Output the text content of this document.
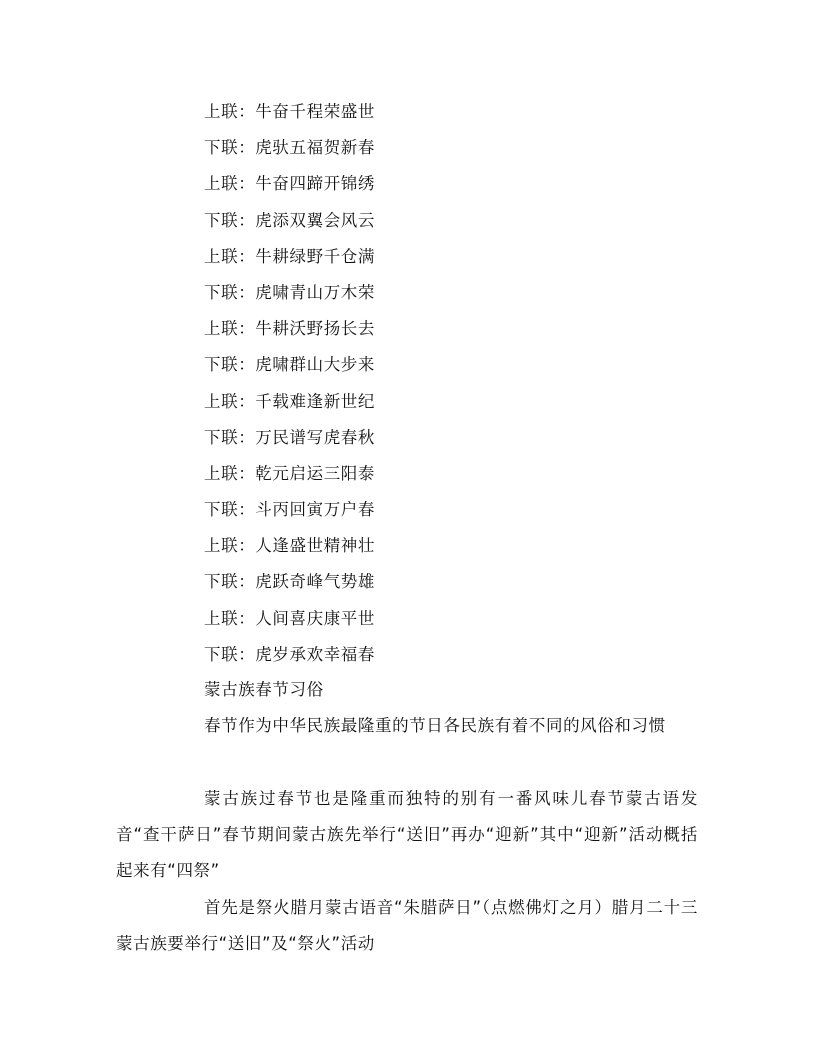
上联：牛奋千程荣盛世
下联：虎驮五福贺新春
上联：牛奋四蹄开锦绣
下联：虎添双翼会风云
上联：牛耕绿野千仓满
下联：虎啸青山万木荣
上联：牛耕沃野扬长去
下联：虎啸群山大步来
上联：千载难逢新世纪
下联：万民谱写虎春秋
上联：乾元启运三阳泰
下联：斗丙回寅万户春
上联：人逢盛世精神壮
下联：虎跃奇峰气势雄
上联：人间喜庆康平世
下联：虎岁承欢幸福春
蒙古族春节习俗

春节作为中华民族最隆重的节日各民族有着不同的风俗和习惯

蒙古族过春节也是隆重而独特的别有一番风味儿春节蒙古语发音“查干萨日”春节期间蒙古族先举行“送旧”再办“迎新”其中“迎新”活动概括起来有“四祭”

首先是祭火腊月蒙古语音“朱腊萨日”（点燃佛灯之月）腊月二十三蒙古族要举行“送旧”及“祭火”活动
